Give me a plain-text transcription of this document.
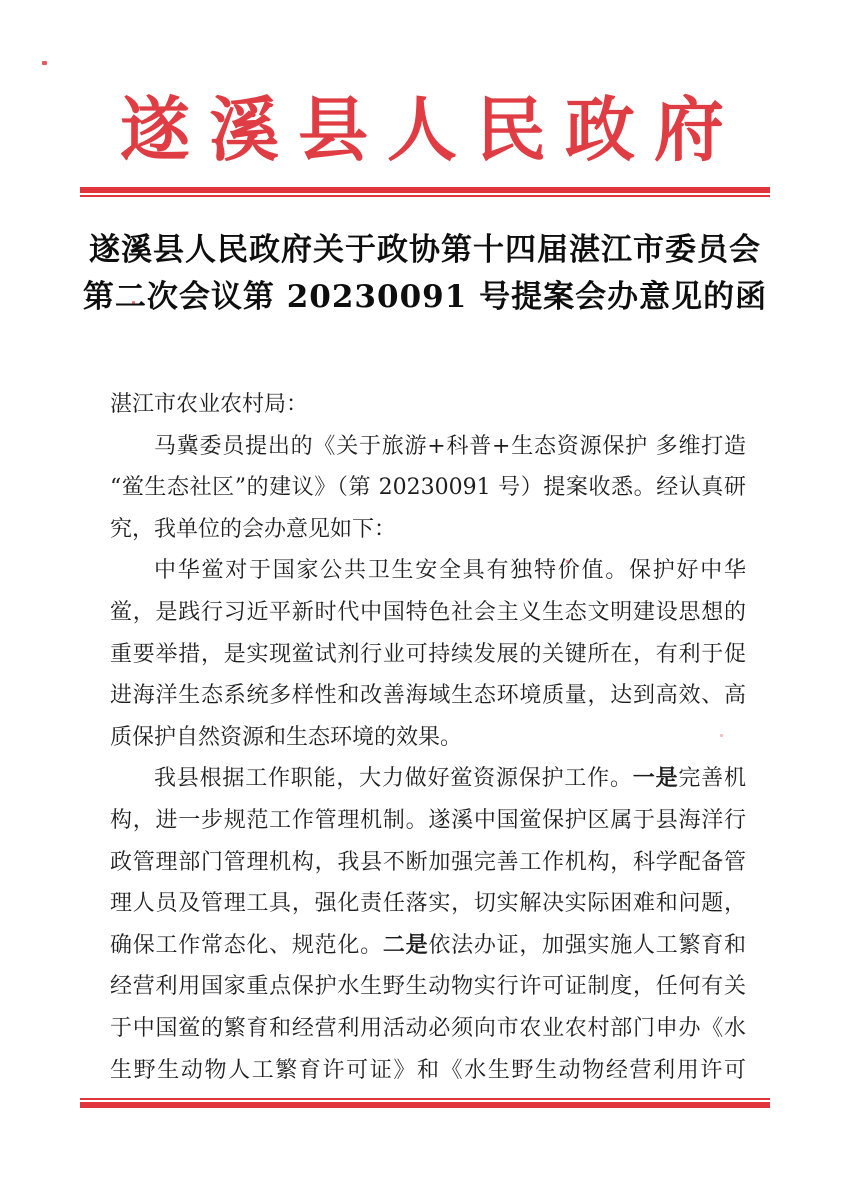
遂溪县人民政府
遂溪县人民政府关于政协第十四届湛江市委员会
第二次会议第 20230091 号提案会办意见的函
湛江市农业农村局：
马冀委员提出的《关于旅游+科普+生态资源保护 多维打造
“鲎生态社区”的建议》（第 20230091 号）提案收悉。经认真研
究，我单位的会办意见如下：
中华鲎对于国家公共卫生安全具有独特价值。保护好中华
鲎，是践行习近平新时代中国特色社会主义生态文明建设思想的
重要举措，是实现鲎试剂行业可持续发展的关键所在，有利于促
进海洋生态系统多样性和改善海域生态环境质量，达到高效、高
质保护自然资源和生态环境的效果。
我县根据工作职能，大力做好鲎资源保护工作。一是完善机
构，进一步规范工作管理机制。遂溪中国鲎保护区属于县海洋行
政管理部门管理机构，我县不断加强完善工作机构，科学配备管
理人员及管理工具，强化责任落实，切实解决实际困难和问题，
确保工作常态化、规范化。二是依法办证，加强实施人工繁育和
经营利用国家重点保护水生野生动物实行许可证制度，任何有关
于中国鲎的繁育和经营利用活动必须向市农业农村部门申办《水
生野生动物人工繁育许可证》和《水生野生动物经营利用许可
